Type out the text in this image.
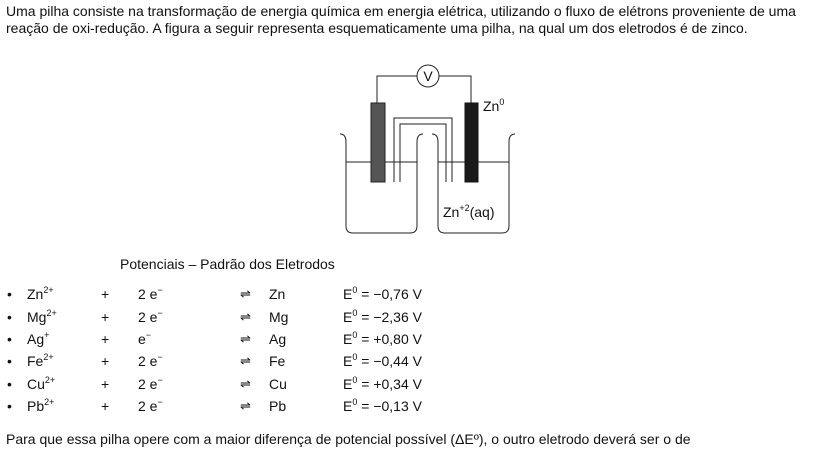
Uma pilha consiste na transformação de energia química em energia elétrica, utilizando o fluxo de elétrons proveniente de uma reação de oxi-redução. A figura a seguir representa esquematicamente uma pilha, na qual um dos eletrodos é de zinco.

V
Zn$^0$
$Zn^{+2}(aq)$

Potenciais – Padrão dos Eletrodos

• $Zn^{2+}$	+ 2 e−	⇌ Zn	$E^0 = -0,76$ V
• $Mg^{2+}$	+ 2 e−	⇌ Mg	$E^0 = -2,36$ V
• Ag+	+ e−	⇌ Ag	$E^0 = +0,80$ V
• $Fe^{2+}$	+ 2 e−	⇌ Fe	$E^0 = -0,44$ V
• $Cu^{2+}$	+ 2 e−	⇌ Cu	$E^0 = +0,34$ V
• $Pb^{2+}$	+ 2 e−	⇌ Pb	$E^0 = -0,13$ V

Para que essa pilha opere com a maior diferença de potencial possível (ΔEº), o outro eletrodo deverá ser o de
